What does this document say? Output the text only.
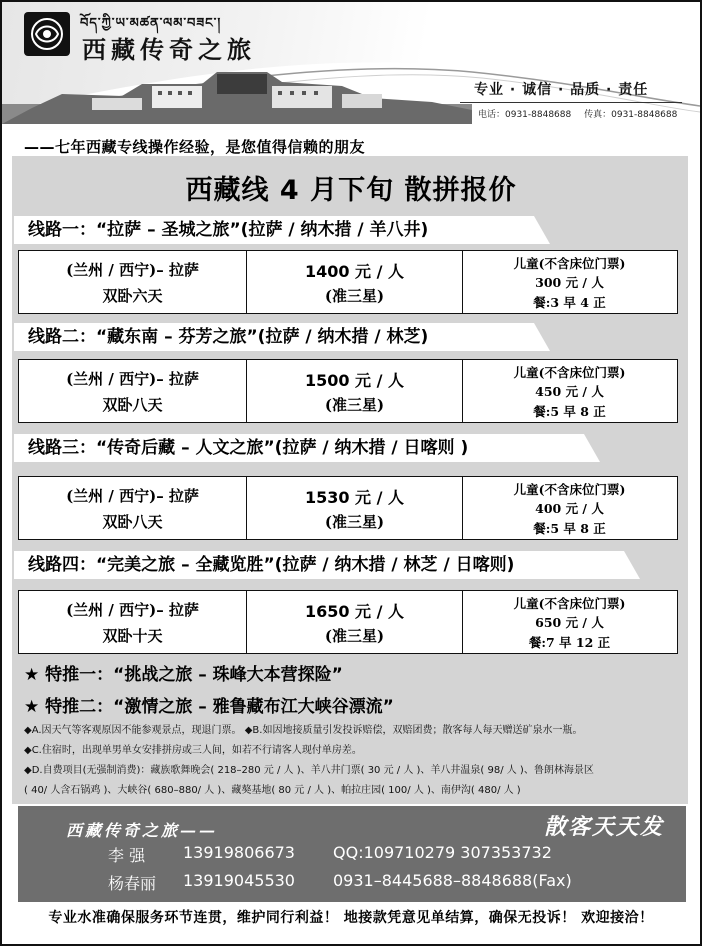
བོད་ཀྱི་ཡ་མཚན་ལམ་བཟང་།
西藏传奇之旅
专业 · 诚信 · 品质 · 责任
电话：0931-8848688 传真：0931-8848688
——七年西藏专线操作经验，是您值得信赖的朋友
西藏线 4 月下旬 散拼报价
线路一：“拉萨 – 圣城之旅”(拉萨 / 纳木措 / 羊八井)
(兰州 / 西宁)– 拉萨
双卧六天
1400 元 / 人
(准三星)
儿童(不含床位门票)
300 元 / 人
餐:3 早 4 正
线路二：“藏东南 – 芬芳之旅”(拉萨 / 纳木措 / 林芝)
(兰州 / 西宁)– 拉萨
双卧八天
1500 元 / 人
(准三星)
儿童(不含床位门票)
450 元 / 人
餐:5 早 8 正
线路三：“传奇后藏 – 人文之旅”(拉萨 / 纳木措 / 日喀则 )
(兰州 / 西宁)– 拉萨
双卧八天
1530 元 / 人
(准三星)
儿童(不含床位门票)
400 元 / 人
餐:5 早 8 正
线路四：“完美之旅 – 全藏览胜”(拉萨 / 纳木措 / 林芝 / 日喀则)
(兰州 / 西宁)– 拉萨
双卧十天
1650 元 / 人
(准三星)
儿童(不含床位门票)
650 元 / 人
餐:7 早 12 正
★ 特推一：“挑战之旅 – 珠峰大本营探险”
★ 特推二：“激情之旅 – 雅鲁藏布江大峡谷漂流”
◆A.因天气等客观原因不能参观景点，现退门票。 ◆B.如因地接质量引发投诉赔偿，双赔团费；散客每人每天赠送矿泉水一瓶。
◆C.住宿时，出现单男单女安排拼房或三人间，如若不行请客人现付单房差。
◆D.自费项目(无强制消费)：藏族歌舞晚会( 218–280 元 / 人 )、羊八井门票( 30 元 / 人 )、羊八井温泉( 98/ 人 )、鲁朗林海景区
( 40/ 人含石锅鸡 )、大峡谷( 680–880/ 人 )、藏獒基地( 80 元 / 人 )、帕拉庄园( 100/ 人 )、南伊沟( 480/ 人 )
西藏传奇之旅——	散客天天发
李 强 13919806673 QQ:109710279 307353732
杨春丽 13919045530 0931–8445688–8848688(Fax)
专业水准确保服务环节连贯，维护同行利益！ 地接款凭意见单结算，确保无投诉！ 欢迎接洽！
